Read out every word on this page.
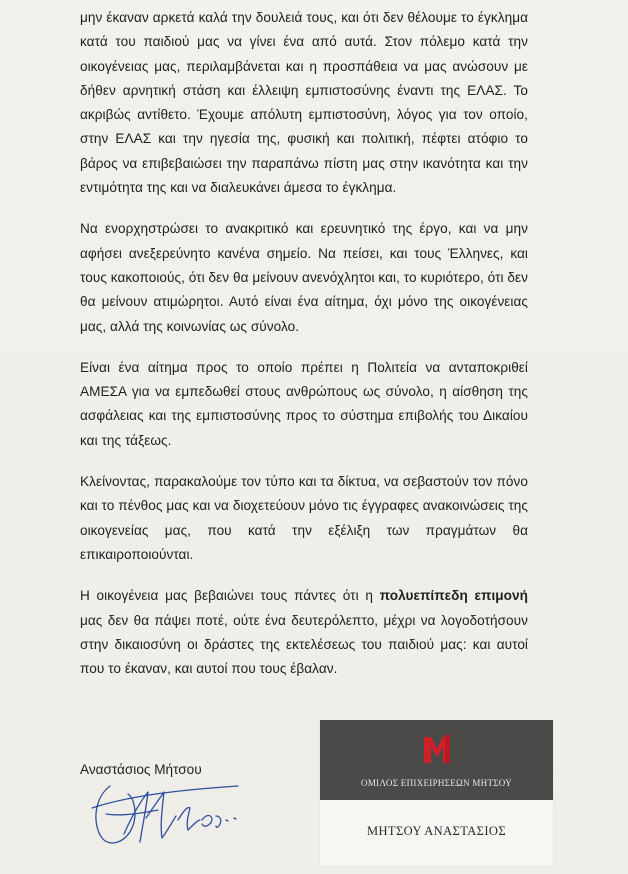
μην έκαναν αρκετά καλά την δουλειά τους, και ότι δεν θέλουμε το έγκλημα κατά του παιδιού μας να γίνει ένα από αυτά. Στον πόλεμο κατά την οικογένειας μας, περιλαμβάνεται και η προσπάθεια να μας ανώσουν με δήθεν αρνητική στάση και έλλειψη εμπιστοσύνης έναντι της ΕΛΑΣ. Το ακριβώς αντίθετο. Έχουμε απόλυτη εμπιστοσύνη, λόγος για τον οποίο, στην ΕΛΑΣ και την ηγεσία της, φυσική και πολιτική, πέφτει ατόφιο το βάρος να επιβεβαιώσει την παραπάνω πίστη μας στην ικανότητα και την εντιμότητα της και να διαλευκάνει άμεσα το έγκλημα.

Να ενορχηστρώσει το ανακριτικό και ερευνητικό της έργο, και να μην αφήσει ανεξερεύνητο κανένα σημείο. Να πείσει, και τους Έλληνες, και τους κακοποιούς, ότι δεν θα μείνουν ανενόχλητοι και, το κυριότερο, ότι δεν θα μείνουν ατιμώρητοι. Αυτό είναι ένα αίτημα, όχι μόνο της οικογένειας μας, αλλά της κοινωνίας ως σύνολο.

Είναι ένα αίτημα προς το οποίο πρέπει η Πολιτεία να ανταποκριθεί ΑΜΕΣΑ για να εμπεδωθεί στους ανθρώπους ως σύνολο, η αίσθηση της ασφάλειας και της εμπιστοσύνης προς το σύστημα επιβολής του Δικαίου και της τάξεως.

Κλείνοντας, παρακαλούμε τον τύπο και τα δίκτυα, να σεβαστούν τον πόνο και το πένθος μας και να διοχετεύουν μόνο τις έγγραφες ανακοινώσεις της οικογενείας μας, που κατά την εξέλιξη των πραγμάτων θα επικαιροποιούνται.

Η οικογένεια μας βεβαιώνει τους πάντες ότι η πολυεπίπεδη επιμονή μας δεν θα πάψει ποτέ, ούτε ένα δευτερόλεπτο, μέχρι να λογοδοτήσουν στην δικαιοσύνη οι δράστες της εκτελέσεως του παιδιού μας: και αυτοί που το έκαναν, και αυτοί που τους έβαλαν.

Αναστάσιος Μήτσου
ΟΜΙΛΟΣ ΕΠΙΧΕΙΡΗΣΕΩΝ ΜΗΤΣΟΥ
ΜΗΤΣΟΥ ΑΝΑΣΤΑΣΙΟΣ
